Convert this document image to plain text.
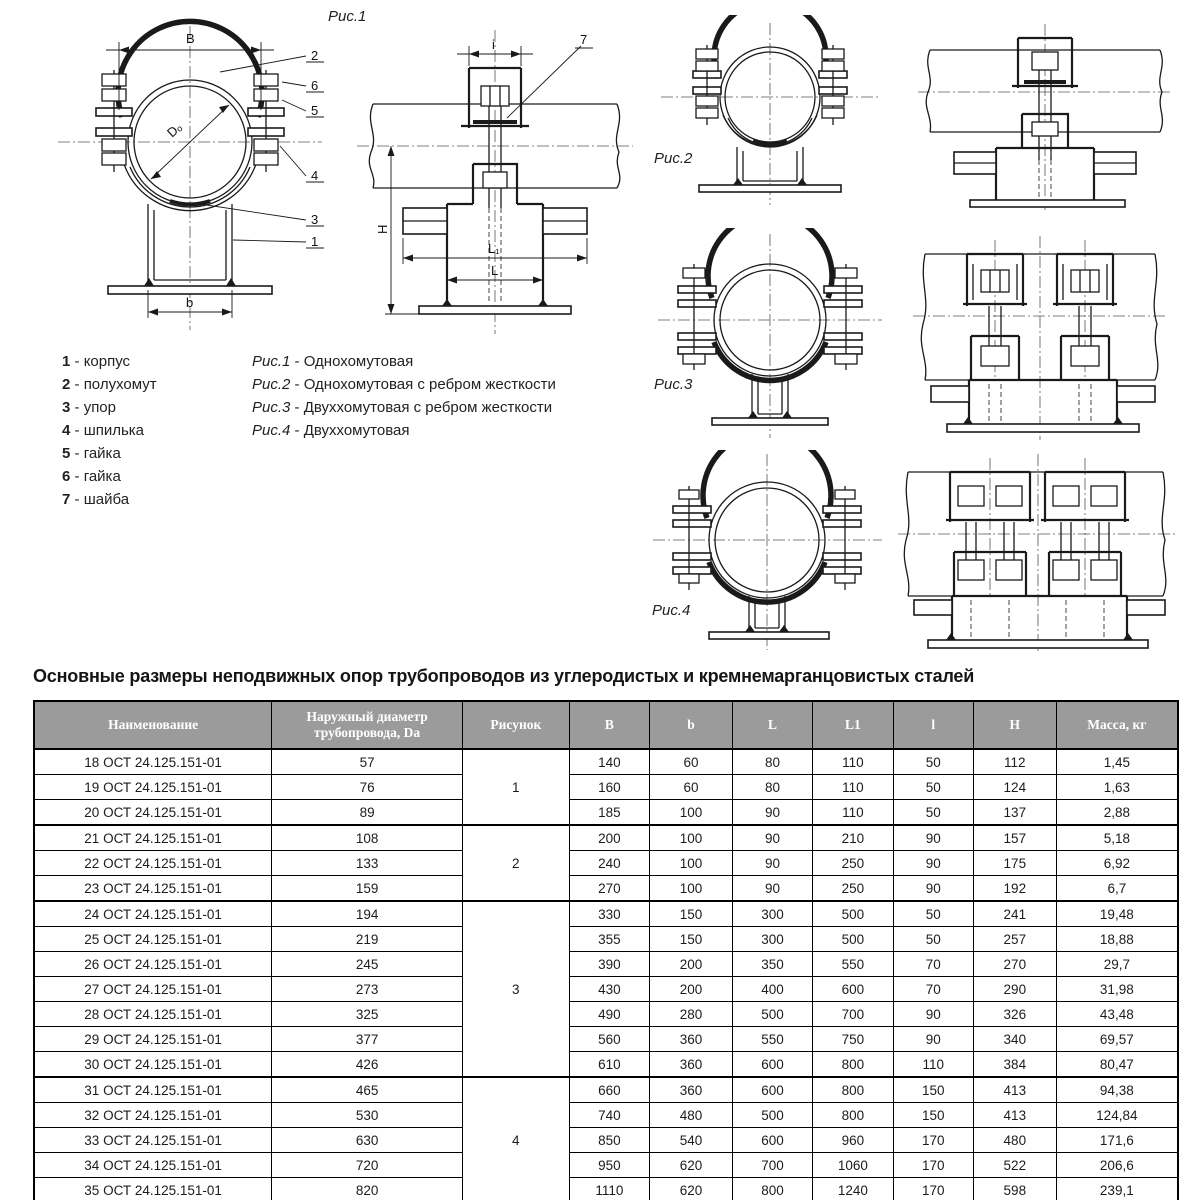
B
b
Dₒ
2
6
5
4
3
1
Рис.1
i	7
H
L₁
L
Рис.2
Рис.3
Рис.4
1 - корпус
2 - полухомут
3 - упор
4 - шпилька
5 - гайка
6 - гайка
7 - шайба
Рис.1 - Однохомутовая
Рис.2 - Однохомутовая с ребром жесткости
Рис.3 - Двуххомутовая с ребром жесткости
Рис.4 - Двуххомутовая
Основные размеры неподвижных опор трубопроводов из углеродистых и кремнемарганцовистых сталей
Наименование	Наружный диаметр трубопровода, Da	Рисунок	B	b	L	L1	l	H	Масса, кг
18 ОСТ 24.125.151-01	57	1	140	60	80	110	50	112	1,45
19 ОСТ 24.125.151-01	76		160	60	80	110	50	124	1,63
20 ОСТ 24.125.151-01	89		185	100	90	110	50	137	2,88
21 ОСТ 24.125.151-01	108	2	200	100	90	210	90	157	5,18
22 ОСТ 24.125.151-01	133		240	100	90	250	90	175	6,92
23 ОСТ 24.125.151-01	159		270	100	90	250	90	192	6,7
24 ОСТ 24.125.151-01	194	3	330	150	300	500	50	241	19,48
25 ОСТ 24.125.151-01	219		355	150	300	500	50	257	18,88
26 ОСТ 24.125.151-01	245		390	200	350	550	70	270	29,7
27 ОСТ 24.125.151-01	273		430	200	400	600	70	290	31,98
28 ОСТ 24.125.151-01	325		490	280	500	700	90	326	43,48
29 ОСТ 24.125.151-01	377		560	360	550	750	90	340	69,57
30 ОСТ 24.125.151-01	426		610	360	600	800	110	384	80,47
31 ОСТ 24.125.151-01	465	4	660	360	600	800	150	413	94,38
32 ОСТ 24.125.151-01	530		740	480	500	800	150	413	124,84
33 ОСТ 24.125.151-01	630		850	540	600	960	170	480	171,6
34 ОСТ 24.125.151-01	720		950	620	700	1060	170	522	206,6
35 ОСТ 24.125.151-01	820		1110	620	800	1240	170	598	239,1
